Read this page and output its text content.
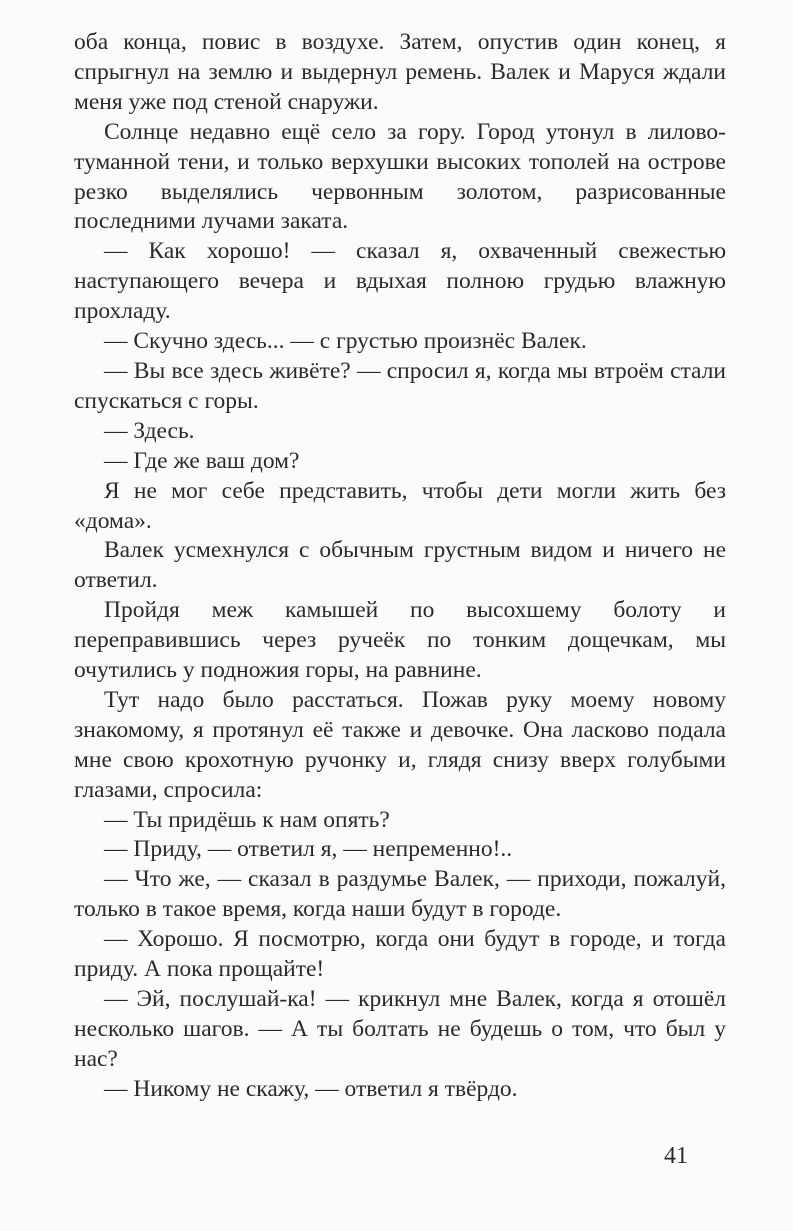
оба конца, повис в воздухе. Затем, опустив один конец, я спрыгнул на землю и выдернул ремень. Валек и Маруся ждали меня уже под стеной снаружи.

Солнце недавно ещё село за гору. Город утонул в лилово-туманной тени, и только верхушки высоких тополей на острове резко выделялись червонным золотом, разрисованные последними лучами заката.

— Как хорошо! — сказал я, охваченный свежестью наступающего вечера и вдыхая полною грудью влажную прохладу.

— Скучно здесь... — с грустью произнёс Валек.

— Вы все здесь живёте? — спросил я, когда мы втроём стали спускаться с горы.

— Здесь.

— Где же ваш дом?

Я не мог себе представить, чтобы дети могли жить без «дома».

Валек усмехнулся с обычным грустным видом и ничего не ответил.

Пройдя меж камышей по высохшему болоту и переправившись через ручеёк по тонким дощечкам, мы очутились у подножия горы, на равнине.

Тут надо было расстаться. Пожав руку моему новому знакомому, я протянул её также и девочке. Она ласково подала мне свою крохотную ручонку и, глядя снизу вверх голубыми глазами, спросила:

— Ты придёшь к нам опять?

— Приду, — ответил я, — непременно!..

— Что же, — сказал в раздумье Валек, — приходи, пожалуй, только в такое время, когда наши будут в городе.

— Хорошо. Я посмотрю, когда они будут в городе, и тогда приду. А пока прощайте!

— Эй, послушай-ка! — крикнул мне Валек, когда я отошёл несколько шагов. — А ты болтать не будешь о том, что был у нас?

— Никому не скажу, — ответил я твёрдо.

41
